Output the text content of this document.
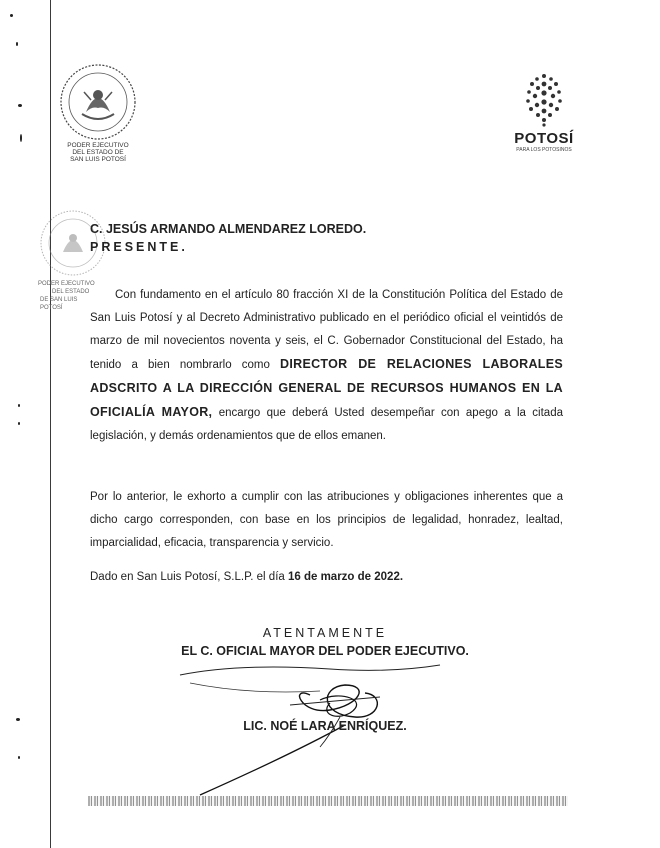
PODER EJECUTIVO
DEL ESTADO DE
SAN LUIS POTOSÍ
POTOSÍ
PARA LOS POTOSINOS
PODER EJECUTIVO
DEL ESTADO
DE SAN LUIS POTOSÍ
C. JESÚS ARMANDO ALMENDAREZ LOREDO.
PRESENTE.
Con fundamento en el artículo 80 fracción XI de la Constitución Política del Estado de San Luis Potosí y al Decreto Administrativo publicado en el periódico oficial el veintidós de marzo de mil novecientos noventa y seis, el C. Gobernador Constitucional del Estado, ha tenido a bien nombrarlo como DIRECTOR DE RELACIONES LABORALES ADSCRITO A LA DIRECCIÓN GENERAL DE RECURSOS HUMANOS EN LA OFICIALÍA MAYOR, encargo que deberá Usted desempeñar con apego a la citada legislación, y demás ordenamientos que de ellos emanen.
Por lo anterior, le exhorto a cumplir con las atribuciones y obligaciones inherentes que a dicho cargo corresponden, con base en los principios de legalidad, honradez, lealtad, imparcialidad, eficacia, transparencia y servicio.
Dado en San Luis Potosí, S.L.P. el día 16 de marzo de 2022.
ATENTAMENTE
EL C. OFICIAL MAYOR DEL PODER EJECUTIVO.
LIC. NOÉ LARA ENRÍQUEZ.
